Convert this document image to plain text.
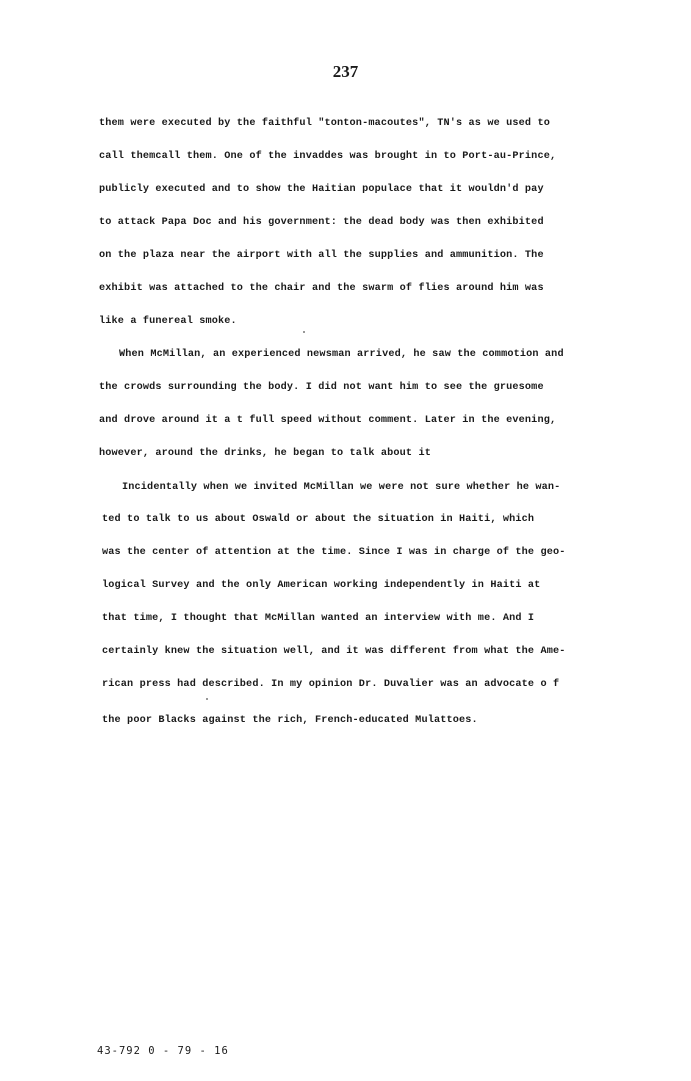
237
them were executed by the faithful "tonton-macoutes", TN's as we used to
call themcall them. One of the invaddes was brought in to Port-au-Prince,
publicly executed and to show the Haitian populace that it wouldn'd pay
to attack Papa Doc and his government: the dead body was then exhibited
on the plaza near the airport with all the supplies and ammunition. The
exhibit was attached to the chair and the swarm of flies around him was
like a funereal smoke.
When McMillan, an experienced newsman arrived, he saw the commotion and
the crowds surrounding the body. I did not want him to see the gruesome
and drove around it a t full speed without comment. Later in the evening,
however, around the drinks, he began to talk about it
Incidentally when we invited McMillan we were not sure whether he wan-
ted to talk to us about Oswald or about the situation in Haiti, which
was the center of attention at the time. Since I was in charge of the geo-
logical Survey and the only American working independently in Haiti at
that time, I thought that McMillan wanted an interview with me. And I
certainly knew the situation well, and it was different from what the Ame-
rican press had described. In my opinion Dr. Duvalier was an advocate o f
the poor Blacks against the rich, French-educated Mulattoes.
43-792 0 - 79 - 16
